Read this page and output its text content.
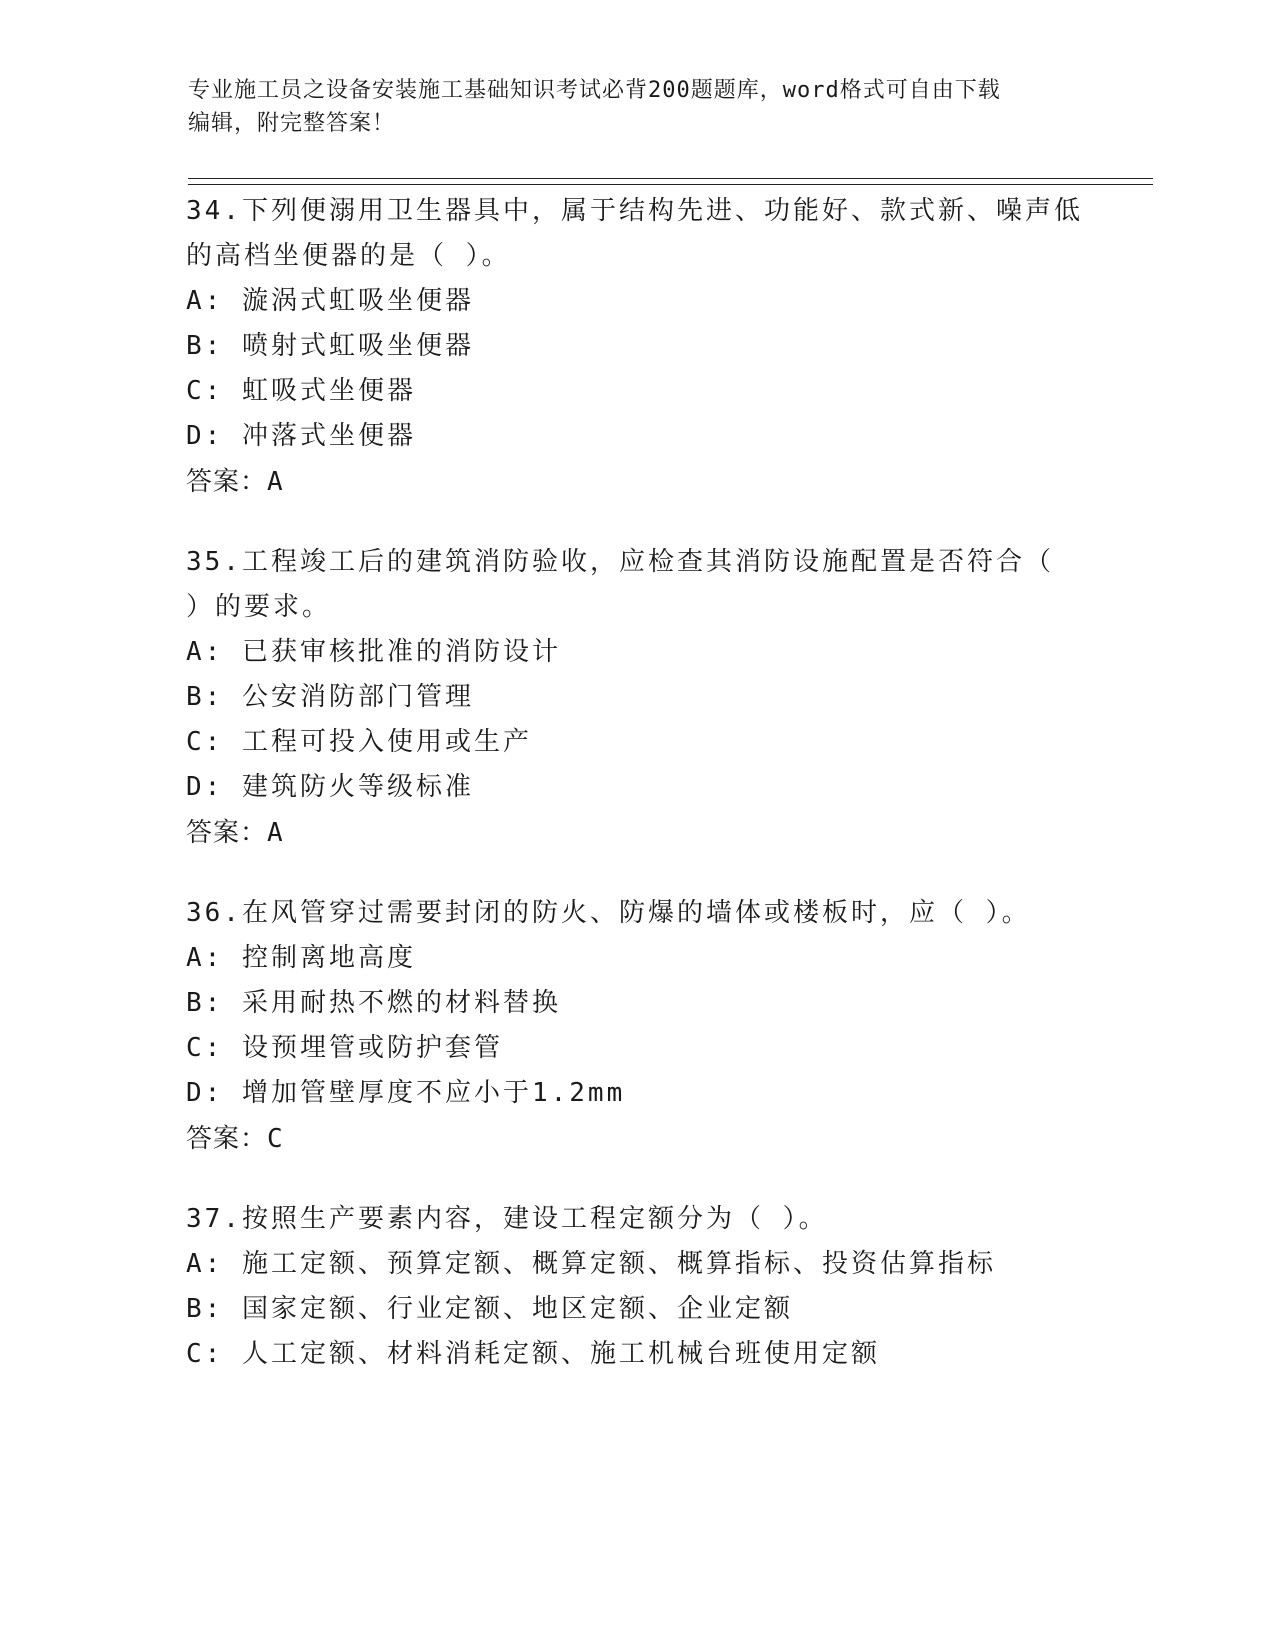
专业施工员之设备安装施工基础知识考试必背200题题库，word格式可自由下载
编辑，附完整答案！
34.下列便溺用卫生器具中，属于结构先进、功能好、款式新、噪声低
的高档坐便器的是（ ）。
A: 漩涡式虹吸坐便器
B: 喷射式虹吸坐便器
C: 虹吸式坐便器
D: 冲落式坐便器
答案：A
35.工程竣工后的建筑消防验收，应检查其消防设施配置是否符合（
）的要求。
A: 已获审核批准的消防设计
B: 公安消防部门管理
C: 工程可投入使用或生产
D: 建筑防火等级标准
答案：A
36.在风管穿过需要封闭的防火、防爆的墙体或楼板时，应（ ）。
A: 控制离地高度
B: 采用耐热不燃的材料替换
C: 设预埋管或防护套管
D: 增加管壁厚度不应小于1.2mm
答案：C
37.按照生产要素内容，建设工程定额分为（ ）。
A: 施工定额、预算定额、概算定额、概算指标、投资估算指标
B: 国家定额、行业定额、地区定额、企业定额
C: 人工定额、材料消耗定额、施工机械台班使用定额
